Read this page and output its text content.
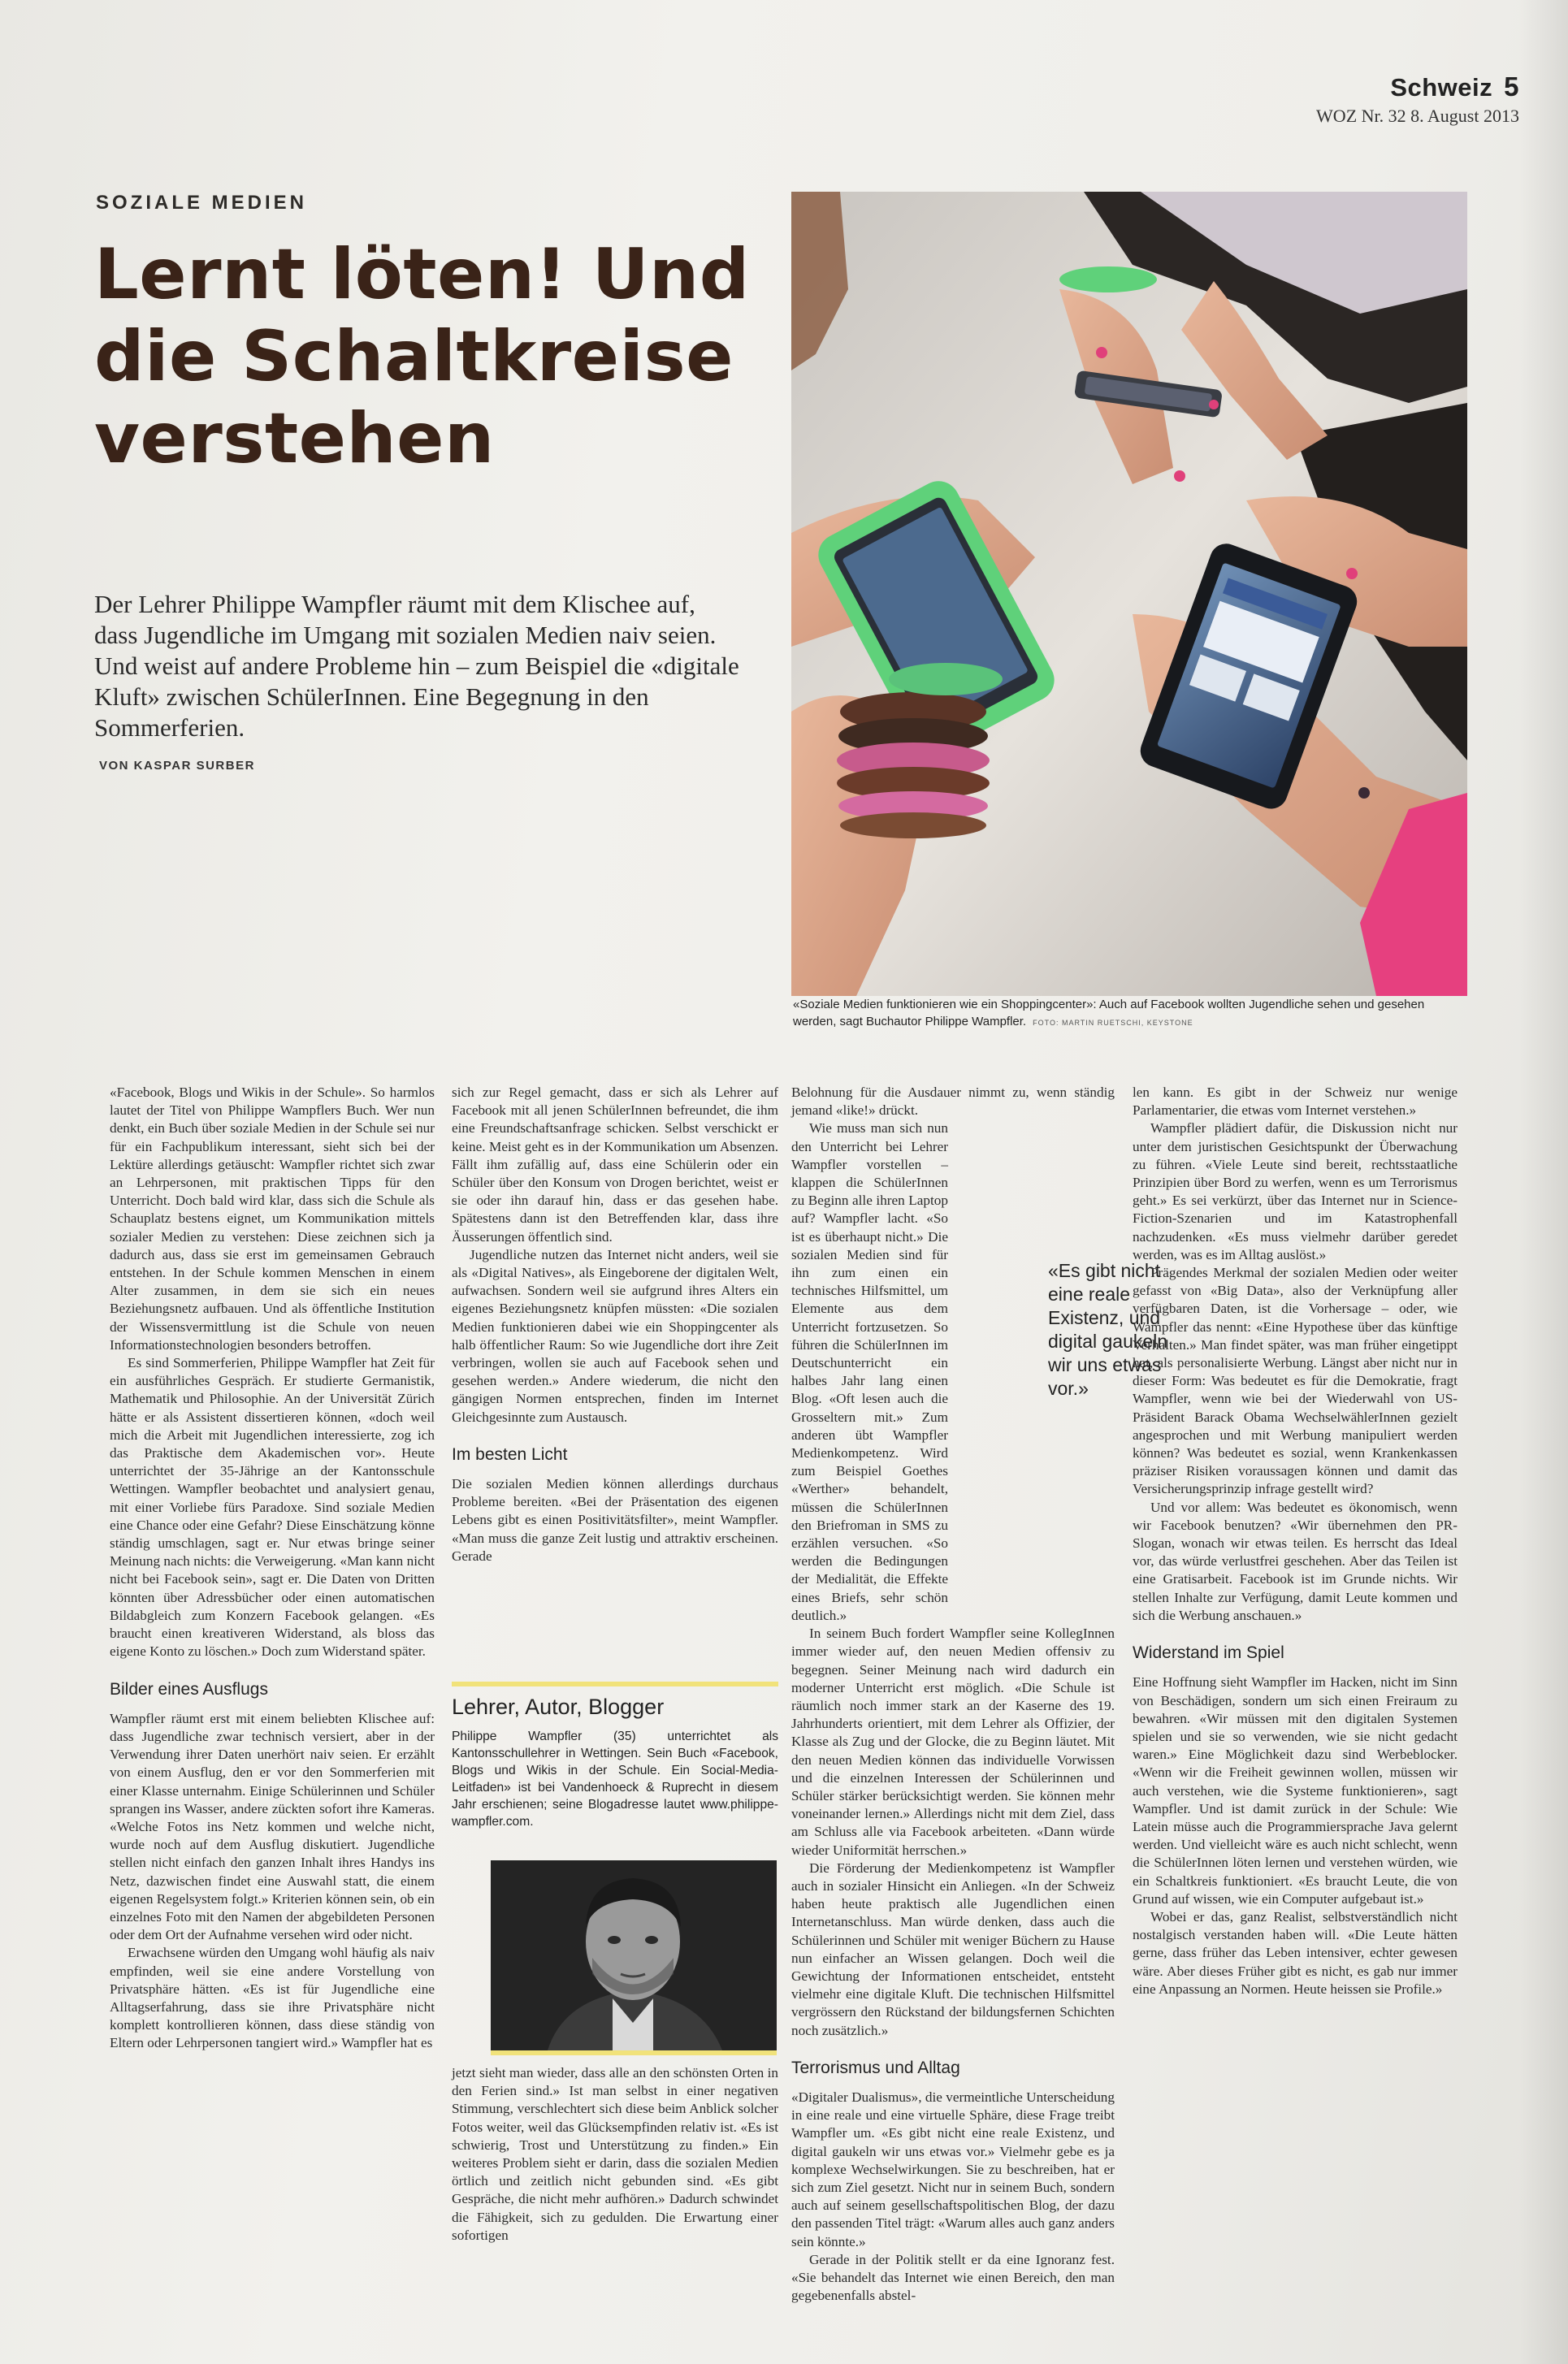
Schweiz 5
WOZ Nr. 32 8. August 2013
SOZIALE MEDIEN
Lernt löten! Und die Schaltkreise verstehen

Der Lehrer Philippe Wampfler räumt mit dem Klischee auf, dass Jugendliche im Umgang mit sozialen Medien naiv seien. Und weist auf andere Probleme hin – zum Beispiel die «digitale Kluft» zwischen SchülerInnen. Eine Begegnung in den Sommerferien.

VON KASPAR SURBER
«Soziale Medien funktionieren wie ein Shoppingcenter»: Auch auf Facebook wollten Jugendliche sehen und gesehen werden, sagt Buchautor Philippe Wampfler. FOTO: MARTIN RUETSCHI, KEYSTONE

«Facebook, Blogs und Wikis in der Schule». So harmlos lautet der Titel von Philippe Wampflers Buch. Wer nun denkt, ein Buch über soziale Medien in der Schule sei nur für ein Fachpublikum interessant, sieht sich bei der Lektüre allerdings getäuscht: Wampfler richtet sich zwar an Lehrpersonen, mit praktischen Tipps für den Unterricht. Doch bald wird klar, dass sich die Schule als Schauplatz bestens eignet, um Kommunikation mittels sozialer Medien zu verstehen: Diese zeichnen sich ja dadurch aus, dass sie erst im gemeinsamen Gebrauch entstehen. In der Schule kommen Menschen in einem Alter zusammen, in dem sie sich ein neues Beziehungsnetz aufbauen. Und als öffentliche Institution der Wissensvermittlung ist die Schule von neuen Informationstechnologien besonders betroffen.

Es sind Sommerferien, Philippe Wampfler hat Zeit für ein ausführliches Gespräch. Er studierte Germanistik, Mathematik und Philosophie. An der Universität Zürich hätte er als Assistent dissertieren können, «doch weil mich die Arbeit mit Jugendlichen interessierte, zog ich das Praktische dem Akademischen vor». Heute unterrichtet der 35-Jährige an der Kantonsschule Wettingen. Wampfler beobachtet und analysiert genau, mit einer Vorliebe fürs Paradoxe. Sind soziale Medien eine Chance oder eine Gefahr? Diese Einschätzung könne ständig umschlagen, sagt er. Nur etwas bringe seiner Meinung nach nichts: die Verweigerung. «Man kann nicht nicht bei Facebook sein», sagt er. Die Daten von Dritten könnten über Adressbücher oder einen automatischen Bildabgleich zum Konzern Facebook gelangen. «Es braucht einen kreativeren Widerstand, als bloss das eigene Konto zu löschen.» Doch zum Widerstand später.

Bilder eines Ausflugs

Wampfler räumt erst mit einem beliebten Klischee auf: dass Jugendliche zwar technisch versiert, aber in der Verwendung ihrer Daten unerhört naiv seien. Er erzählt von einem Ausflug, den er vor den Sommerferien mit einer Klasse unternahm. Einige Schülerinnen und Schüler sprangen ins Wasser, andere zückten sofort ihre Kameras. «Welche Fotos ins Netz kommen und welche nicht, wurde noch auf dem Ausflug diskutiert. Jugendliche stellen nicht einfach den ganzen Inhalt ihres Handys ins Netz, dazwischen findet eine Auswahl statt, die einem eigenen Regelsystem folgt.» Kriterien können sein, ob ein einzelnes Foto mit den Namen der abgebildeten Personen oder dem Ort der Aufnahme versehen wird oder nicht.

Erwachsene würden den Umgang wohl häufig als naiv empfinden, weil sie eine andere Vorstellung von Privatsphäre hätten. «Es ist für Jugendliche eine Alltagserfahrung, dass sie ihre Privatsphäre nicht komplett kontrollieren können, dass diese ständig von Eltern oder Lehrpersonen tangiert wird.» Wampfler hat es

sich zur Regel gemacht, dass er sich als Lehrer auf Facebook mit all jenen SchülerInnen befreundet, die ihm eine Freundschaftsanfrage schicken. Selbst verschickt er keine. Meist geht es in der Kommunikation um Absenzen. Fällt ihm zufällig auf, dass eine Schülerin oder ein Schüler über den Konsum von Drogen berichtet, weist er sie oder ihn darauf hin, dass er das gesehen habe. Spätestens dann ist den Betreffenden klar, dass ihre Äusserungen öffentlich sind.

Jugendliche nutzen das Internet nicht anders, weil sie als «Digital Natives», als Eingeborene der digitalen Welt, aufwachsen. Sondern weil sie aufgrund ihres Alters ein eigenes Beziehungsnetz knüpfen müssten: «Die sozialen Medien funktionieren dabei wie ein Shoppingcenter als halb öffentlicher Raum: So wie Jugendliche dort ihre Zeit verbringen, wollen sie auch auf Facebook sehen und gesehen werden.» Andere wiederum, die nicht den gängigen Normen entsprechen, finden im Internet Gleichgesinnte zum Austausch.

Im besten Licht

Die sozialen Medien können allerdings durchaus Probleme bereiten. «Bei der Präsentation des eigenen Lebens gibt es einen Positivitätsfilter», meint Wampfler. «Man muss die ganze Zeit lustig und attraktiv erscheinen. Gerade

Lehrer, Autor, Blogger
Philippe Wampfler (35) unterrichtet als Kantonsschullehrer in Wettingen. Sein Buch «Facebook, Blogs und Wikis in der Schule. Ein Social-Media-Leitfaden» ist bei Vandenhoeck & Ruprecht in diesem Jahr erschienen; seine Blogadresse lautet www.philippe-wampfler.com.

jetzt sieht man wieder, dass alle an den schönsten Orten in den Ferien sind.» Ist man selbst in einer negativen Stimmung, verschlechtert sich diese beim Anblick solcher Fotos weiter, weil das Glücksempfinden relativ ist. «Es ist schwierig, Trost und Unterstützung zu finden.» Ein weiteres Problem sieht er darin, dass die sozialen Medien örtlich und zeitlich nicht gebunden sind. «Es gibt Gespräche, die nicht mehr aufhören.» Dadurch schwindet die Fähigkeit, sich zu gedulden. Die Erwartung einer sofortigen

Belohnung für die Ausdauer nimmt zu, wenn ständig jemand «like!» drückt.

Wie muss man sich nun den Unterricht bei Lehrer Wampfler vorstellen – klappen die SchülerInnen zu Beginn alle ihren Laptop auf? Wampfler lacht. «So ist es überhaupt nicht.» Die sozialen Medien sind für ihn zum einen ein technisches Hilfsmittel, um Elemente aus dem Unterricht fortzusetzen. So führen die SchülerInnen im Deutschunterricht ein halbes Jahr lang einen Blog. «Oft lesen auch die Grosseltern mit.» Zum anderen übt Wampfler Medienkompetenz. Wird zum Beispiel Goethes «Werther» behandelt, müssen die SchülerInnen den Briefroman in SMS zu erzählen versuchen. «So werden die Bedingungen der Medialität, die Effekte eines Briefs, sehr schön deutlich.»

In seinem Buch fordert Wampfler seine KollegInnen immer wieder auf, den neuen Medien offensiv zu begegnen. Seiner Meinung nach wird dadurch ein moderner Unterricht erst möglich. «Die Schule ist räumlich noch immer stark an der Kaserne des 19. Jahrhunderts orientiert, mit dem Lehrer als Offizier, der Klasse als Zug und der Glocke, die zu Beginn läutet. Mit den neuen Medien können das individuelle Vorwissen und die einzelnen Interessen der Schülerinnen und Schüler stärker berücksichtigt werden. Sie können mehr voneinander lernen.» Allerdings nicht mit dem Ziel, dass am Schluss alle via Facebook arbeiteten. «Dann würde wieder Uniformität herrschen.»

Die Förderung der Medienkompetenz ist Wampfler auch in sozialer Hinsicht ein Anliegen. «In der Schweiz haben heute praktisch alle Jugendlichen einen Internetanschluss. Man würde denken, dass auch die Schülerinnen und Schüler mit weniger Büchern zu Hause nun einfacher an Wissen gelangen. Doch weil die Gewichtung der Informationen entscheidet, entsteht vielmehr eine digitale Kluft. Die technischen Hilfsmittel vergrössern den Rückstand der bildungsfernen Schichten noch zusätzlich.»

Terrorismus und Alltag

«Digitaler Dualismus», die vermeintliche Unterscheidung in eine reale und eine virtuelle Sphäre, diese Frage treibt Wampfler um. «Es gibt nicht eine reale Existenz, und digital gaukeln wir uns etwas vor.» Vielmehr gebe es ja komplexe Wechselwirkungen. Sie zu beschreiben, hat er sich zum Ziel gesetzt. Nicht nur in seinem Buch, sondern auch auf seinem gesellschaftspolitischen Blog, der dazu den passenden Titel trägt: «Warum alles auch ganz anders sein könnte.»

Gerade in der Politik stellt er da eine Ignoranz fest. «Sie behandelt das Internet wie einen Bereich, den man gegebenenfalls abstel-

«Es gibt nicht eine reale Existenz, und digital gaukeln wir uns etwas vor.»

len kann. Es gibt in der Schweiz nur wenige Parlamentarier, die etwas vom Internet verstehen.»

Wampfler plädiert dafür, die Diskussion nicht nur unter dem juristischen Gesichtspunkt der Überwachung zu führen. «Viele Leute sind bereit, rechtsstaatliche Prinzipien über Bord zu werfen, wenn es um Terrorismus geht.» Es sei verkürzt, über das Internet nur in Science-Fiction-Szenarien und im Katastrophenfall nachzudenken. «Es muss vielmehr darüber geredet werden, was es im Alltag auslöst.»

Prägendes Merkmal der sozialen Medien oder weiter gefasst von «Big Data», also der Verknüpfung aller verfügbaren Daten, ist die Vorhersage – oder, wie Wampfler das nennt: «Eine Hypothese über das künftige Verhalten.» Man findet später, was man früher eingetippt hat, als personalisierte Werbung. Längst aber nicht nur in dieser Form: Was bedeutet es für die Demokratie, fragt Wampfler, wenn wie bei der Wiederwahl von US-Präsident Barack Obama WechselwählerInnen gezielt angesprochen und mit Werbung manipuliert werden können? Was bedeutet es sozial, wenn Krankenkassen präziser Risiken voraussagen können und damit das Versicherungsprinzip infrage gestellt wird?

Und vor allem: Was bedeutet es ökonomisch, wenn wir Facebook benutzen? «Wir übernehmen den PR-Slogan, wonach wir etwas teilen. Es herrscht das Ideal vor, das würde verlustfrei geschehen. Aber das Teilen ist eine Gratisarbeit. Facebook ist im Grunde nichts. Wir stellen Inhalte zur Verfügung, damit Leute kommen und sich die Werbung anschauen.»

Widerstand im Spiel

Eine Hoffnung sieht Wampfler im Hacken, nicht im Sinn von Beschädigen, sondern um sich einen Freiraum zu bewahren. «Wir müssen mit den digitalen Systemen spielen und sie so verwenden, wie sie nicht gedacht waren.» Eine Möglichkeit dazu sind Werbeblocker. «Wenn wir die Freiheit gewinnen wollen, müssen wir auch verstehen, wie die Systeme funktionieren», sagt Wampfler. Und ist damit zurück in der Schule: Wie Latein müsse auch die Programmiersprache Java gelernt werden. Und vielleicht wäre es auch nicht schlecht, wenn die SchülerInnen löten lernen und verstehen würden, wie ein Schaltkreis funktioniert. «Es braucht Leute, die von Grund auf wissen, wie ein Computer aufgebaut ist.»

Wobei er das, ganz Realist, selbstverständlich nicht nostalgisch verstanden haben will. «Die Leute hätten gerne, dass früher das Leben intensiver, echter gewesen wäre. Aber dieses Früher gibt es nicht, es gab nur immer eine Anpassung an Normen. Heute heissen sie Profile.»
